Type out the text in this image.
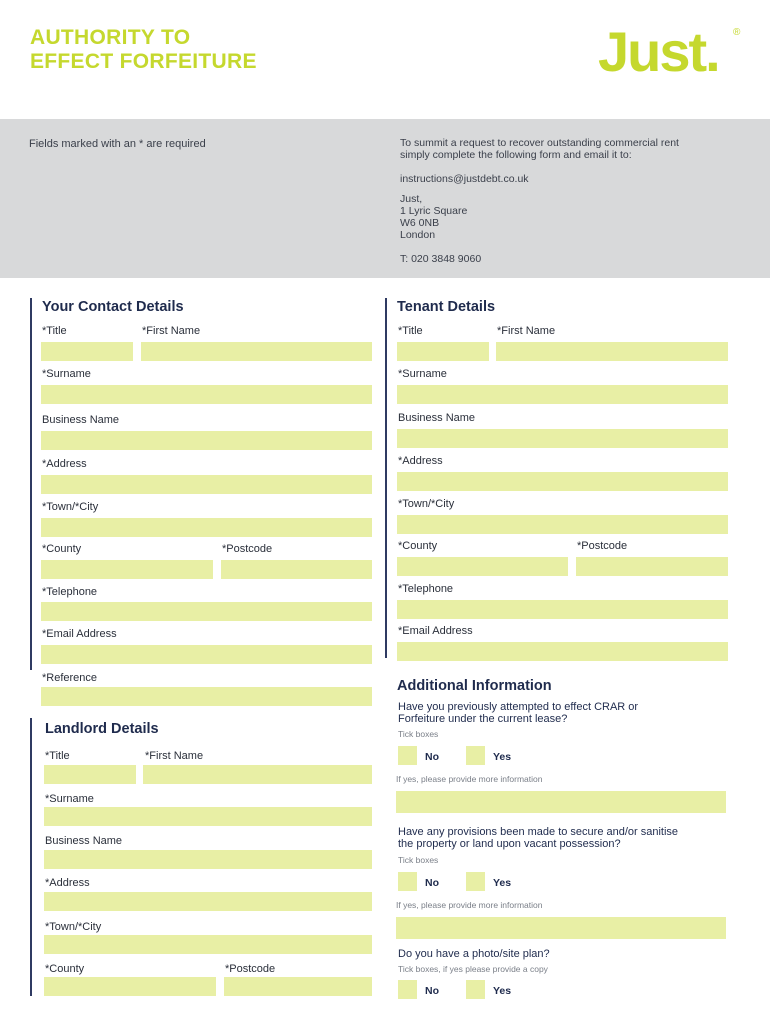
AUTHORITY TO
EFFECT FORFEITURE	Just. ®
Fields marked with an * are required	To summit a request to recover outstanding commercial rent
simply complete the following form and email it to:
instructions@justdebt.co.uk
Just,
1 Lyric Square
W6 0NB
London
T: 020 3848 9060
Your Contact Details
*Title	*First Name
*Surname
Business Name
*Address
*Town/*City
*County	*Postcode
*Telephone
*Email Address
*Reference
Tenant Details
*Title	*First Name
*Surname
Business Name
*Address
*Town/*City
*County	*Postcode
*Telephone
*Email Address
Landlord Details
*Title	*First Name
*Surname
Business Name
*Address
*Town/*City
*County	*Postcode
Additional Information
Have you previously attempted to effect CRAR or
Forfeiture under the current lease?
Tick boxes
No	Yes
If yes, please provide more information
Have any provisions been made to secure and/or sanitise
the property or land upon vacant possession?
Tick boxes
No	Yes
If yes, please provide more information
Do you have a photo/site plan?
Tick boxes, if yes please provide a copy
No	Yes
